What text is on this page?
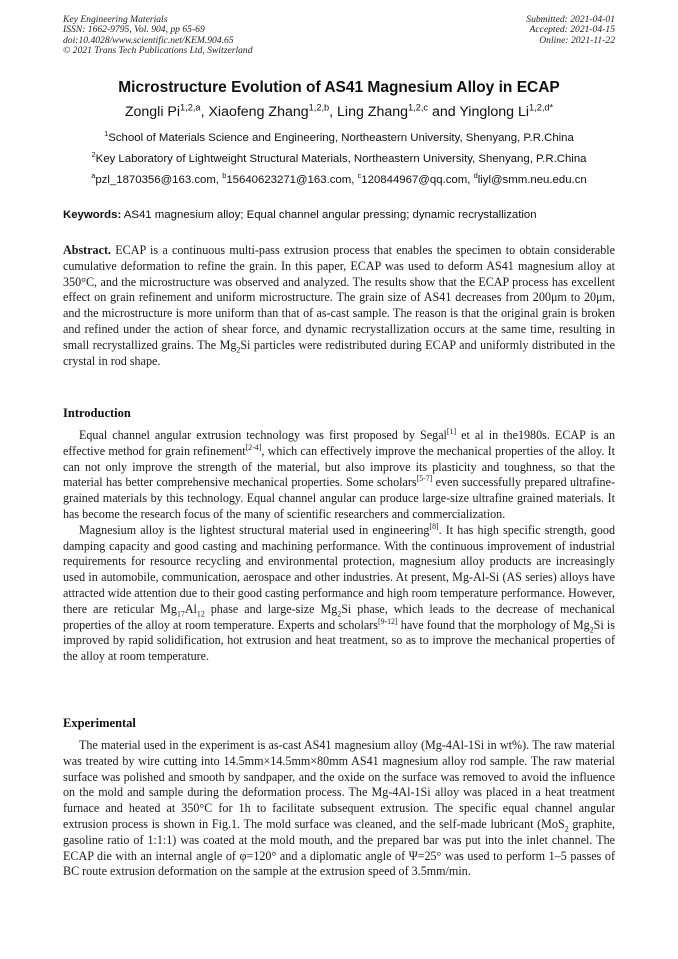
Key Engineering Materials
ISSN: 1662-9795, Vol. 904, pp 65-69
doi:10.4028/www.scientific.net/KEM.904.65
© 2021 Trans Tech Publications Ltd, Switzerland
Submitted: 2021-04-01
Accepted: 2021-04-15
Online: 2021-11-22
Microstructure Evolution of AS41 Magnesium Alloy in ECAP
Zongli Pi$^{1,2,a}$, Xiaofeng Zhang$^{1,2,b}$, Ling Zhang$^{1,2,c}$ and Yinglong $Li^{1,2,d*}$
$^1$School of Materials Science and Engineering, Northeastern University, Shenyang, P.R.China
$^2$Key Laboratory of Lightweight Structural Materials, Northeastern University, Shenyang, P.R.China
$^a$pzl_1870356@163.com, $^b$15640623271@163.com, $^c$120844967@qq.com, $^d$liyl@smm.neu.edu.cn
Keywords: AS41 magnesium alloy; Equal channel angular pressing; dynamic recrystallization

Abstract. ECAP is a continuous multi-pass extrusion process that enables the specimen to obtain considerable cumulative deformation to refine the grain. In this paper, ECAP was used to deform AS41 magnesium alloy at 350°C, and the microstructure was observed and analyzed. The results show that the ECAP process has excellent effect on grain refinement and uniform microstructure. The grain size of AS41 decreases from 200μm to 20μm, and the microstructure is more uniform than that of as-cast sample. The reason is that the original grain is broken and refined under the action of shear force, and dynamic recrystallization occurs at the same time, resulting in small recrystallized grains. The $Mg_2Si$ particles were redistributed during ECAP and uniformly distributed in the crystal in rod shape.

Introduction

Equal channel angular extrusion technology was first proposed by Segal[1] et al in the1980s. ECAP is an effective method for grain refinement[2-4], which can effectively improve the mechanical properties of the alloy. It can not only improve the strength of the material, but also improve its plasticity and toughness, so that the material has better comprehensive mechanical properties. Some scholars[5-7] even successfully prepared ultrafine-grained materials by this technology. Equal channel angular can produce large-size ultrafine grained materials. It has become the research focus of the many of scientific researchers and commercialization.

Magnesium alloy is the lightest structural material used in engineering[8]. It has high specific strength, good damping capacity and good casting and machining performance. With the continuous improvement of industrial requirements for resource recycling and environmental protection, magnesium alloy products are increasingly used in automobile, communication, aerospace and other industries. At present, Mg-Al-Si (AS series) alloys have attracted wide attention due to their good casting performance and high room temperature performance. However, there are reticular $Mg_{17}Al_{12}$ phase and large-size $Mg_2Si$ phase, which leads to the decrease of mechanical properties of the alloy at room temperature. Experts and scholars[9-12] have found that the morphology of $Mg_2Si$ is improved by rapid solidification, hot extrusion and heat treatment, so as to improve the mechanical properties of the alloy at room temperature.

Experimental

The material used in the experiment is as-cast AS41 magnesium alloy (Mg-4Al-1Si in wt%). The raw material was treated by wire cutting into 14.5mm×14.5mm×80mm AS41 magnesium alloy rod sample. The raw material surface was polished and smooth by sandpaper, and the oxide on the surface was removed to avoid the influence on the mold and sample during the deformation process. The Mg-4Al-1Si alloy was placed in a heat treatment furnace and heated at 350°C for 1h to facilitate subsequent extrusion. The specific equal channel angular extrusion process is shown in Fig.1. The mold surface was cleaned, and the self-made lubricant (MoS$_2$ graphite, gasoline ratio of 1:1:1) was coated at the mold mouth, and the prepared bar was put into the inlet channel. The ECAP die with an internal angle of φ=120° and a diplomatic angle of Ψ=25° was used to perform 1–5 passes of BC route extrusion deformation on the sample at the extrusion speed of 3.5mm/min.
